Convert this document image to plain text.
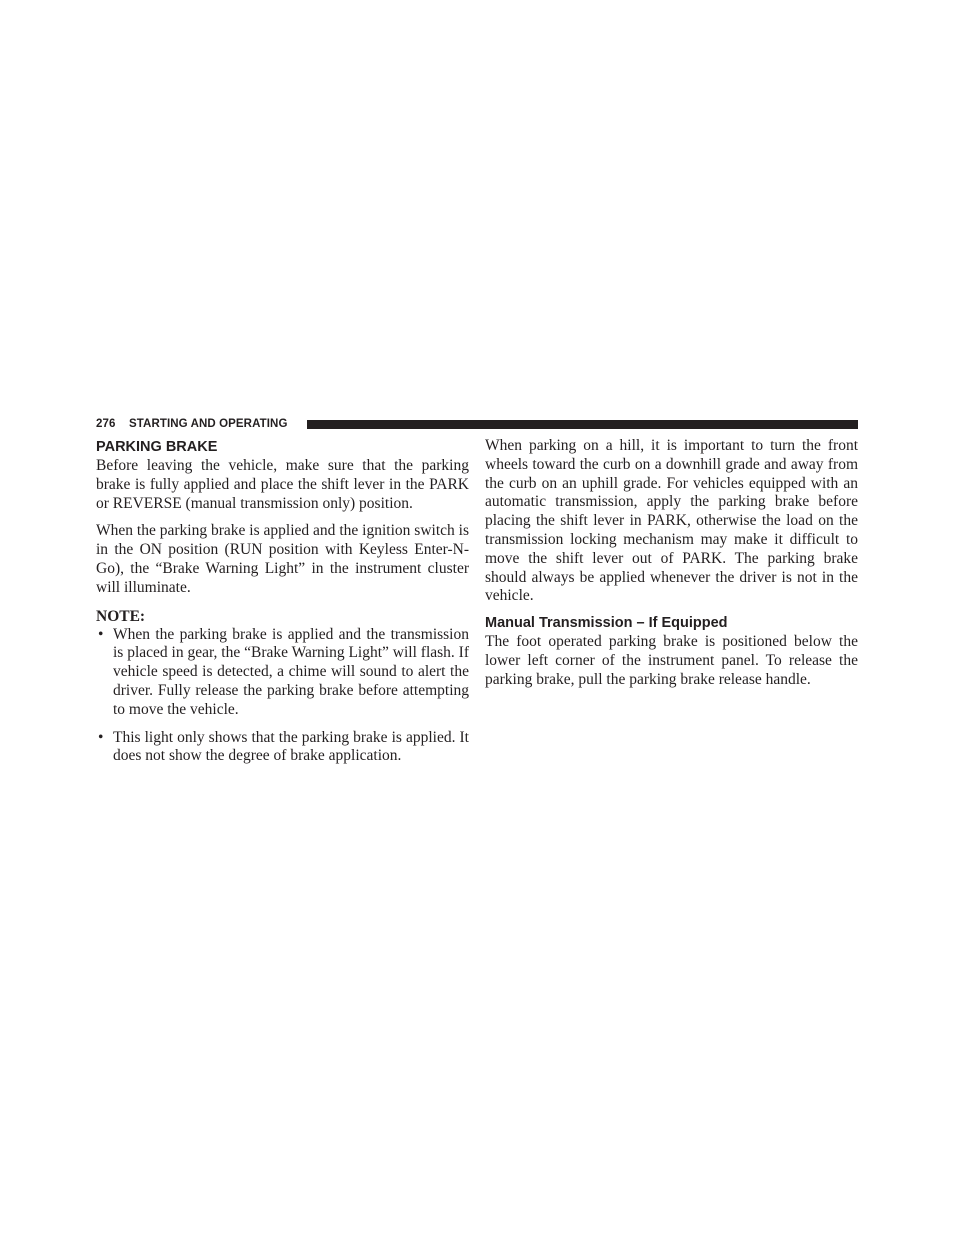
276 STARTING AND OPERATING
PARKING BRAKE

Before leaving the vehicle, make sure that the parking brake is fully applied and place the shift lever in the PARK or REVERSE (manual transmission only) position.

When the parking brake is applied and the ignition switch is in the ON position (RUN position with Keyless Enter-N-Go), the “Brake Warning Light” in the instrument cluster will illuminate.

NOTE:
• When the parking brake is applied and the transmission is placed in gear, the “Brake Warning Light” will flash. If vehicle speed is detected, a chime will sound to alert the driver. Fully release the parking brake before attempting to move the vehicle.
• This light only shows that the parking brake is applied. It does not show the degree of brake application.

When parking on a hill, it is important to turn the front wheels toward the curb on a downhill grade and away from the curb on an uphill grade. For vehicles equipped with an automatic transmission, apply the parking brake before placing the shift lever in PARK, otherwise the load on the transmission locking mechanism may make it difficult to move the shift lever out of PARK. The parking brake should always be applied whenever the driver is not in the vehicle.

Manual Transmission – If Equipped

The foot operated parking brake is positioned below the lower left corner of the instrument panel. To release the parking brake, pull the parking brake release handle.
